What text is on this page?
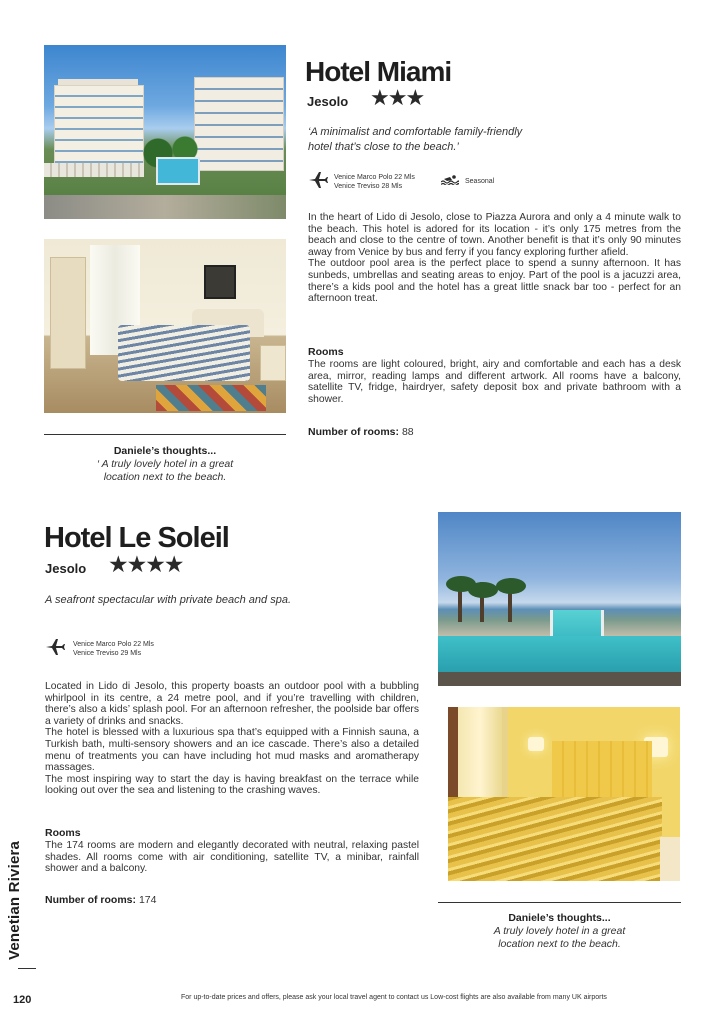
Hotel Miami
Jesolo ★★★
‘A minimalist and comfortable family-friendly
hotel that’s close to the beach.’
Venice Marco Polo 22 Mls
Venice Treviso 28 Mls
Seasonal

In the heart of Lido di Jesolo, close to Piazza Aurora and only a 4 minute walk to the beach. This hotel is adored for its location - it’s only 175 metres from the beach and close to the centre of town. Another benefit is that it’s only 90 minutes away from Venice by bus and ferry if you fancy exploring further afield.

The outdoor pool area is the perfect place to spend a sunny afternoon. It has sunbeds, umbrellas and seating areas to enjoy. Part of the pool is a jacuzzi area, there’s a kids pool and the hotel has a great little snack bar too - perfect for an afternoon treat.

Rooms
The rooms are light coloured, bright, airy and comfortable and each has a desk area, mirror, reading lamps and different artwork. All rooms have a balcony, satellite TV, fridge, hairdryer, safety deposit box and private bathroom with a shower.
Number of rooms: 88
Daniele’s thoughts...
‘ A truly lovely hotel in a great
location next to the beach.
Hotel Le Soleil
Jesolo ★★★★
A seafront spectacular with private beach and spa.
Venice Marco Polo 22 Mls
Venice Treviso 29 Mls

Located in Lido di Jesolo, this property boasts an outdoor pool with a bubbling whirlpool in its centre, a 24 metre pool, and if you’re travelling with children, there’s also a kids’ splash pool. For an afternoon refresher, the poolside bar offers a variety of drinks and snacks.

The hotel is blessed with a luxurious spa that’s equipped with a Finnish sauna, a Turkish bath, multi-sensory showers and an ice cascade. There’s also a detailed menu of treatments you can have including hot mud masks and aromatherapy massages.

The most inspiring way to start the day is having breakfast on the terrace while looking out over the sea and listening to the crashing waves.

Rooms
The 174 rooms are modern and elegantly decorated with neutral, relaxing pastel shades. All rooms come with air conditioning, satellite TV, a minibar, rainfall shower and a balcony.
Number of rooms: 174
Daniele’s thoughts...
A truly lovely hotel in a great
location next to the beach.
Venetian Riviera
120	For up-to-date prices and offers, please ask your local travel agent to contact us Low-cost flights are also available from many UK airports
